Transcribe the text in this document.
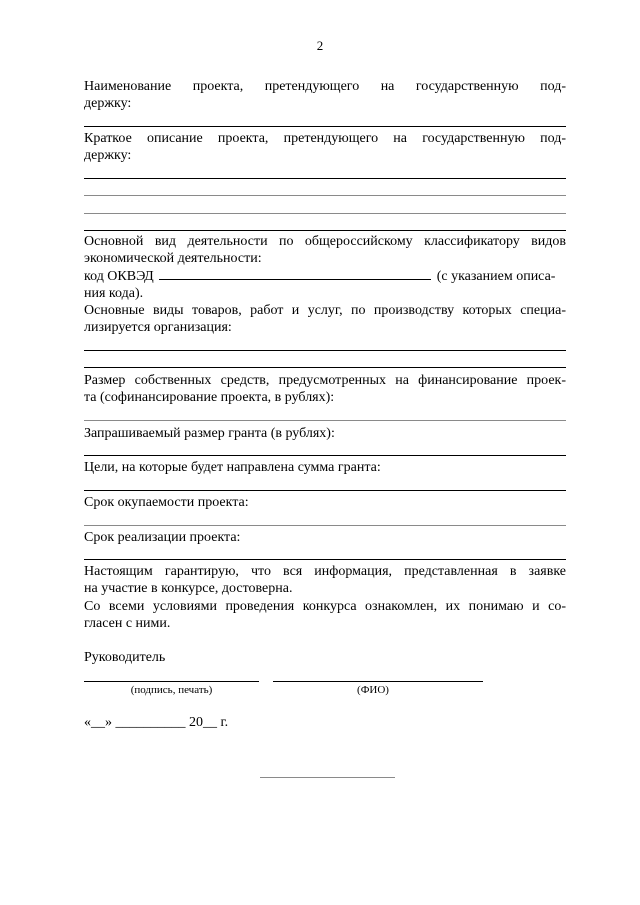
2
Наименование проекта, претендующего на государственную под-
держку:
Краткое описание проекта, претендующего на государственную под-
держку:
Основной вид деятельности по общероссийскому классификатору видов
экономической деятельности:
код ОКВЭД	(с указанием описа-
ния кода).
Основные виды товаров, работ и услуг, по производству которых специа-
лизируется организация:
Размер собственных средств, предусмотренных на финансирование проек-
та (софинансирование проекта, в рублях):
Запрашиваемый размер гранта (в рублях):
Цели, на которые будет направлена сумма гранта:
Срок окупаемости проекта:
Срок реализации проекта:
Настоящим гарантирую, что вся информация, представленная в заявке
на участие в конкурсе, достоверна.
Со всеми условиями проведения конкурса ознакомлен, их понимаю и со-
гласен с ними.
Руководитель
(подпись, печать)	(ФИО)
«__» __________ 20__ г.
